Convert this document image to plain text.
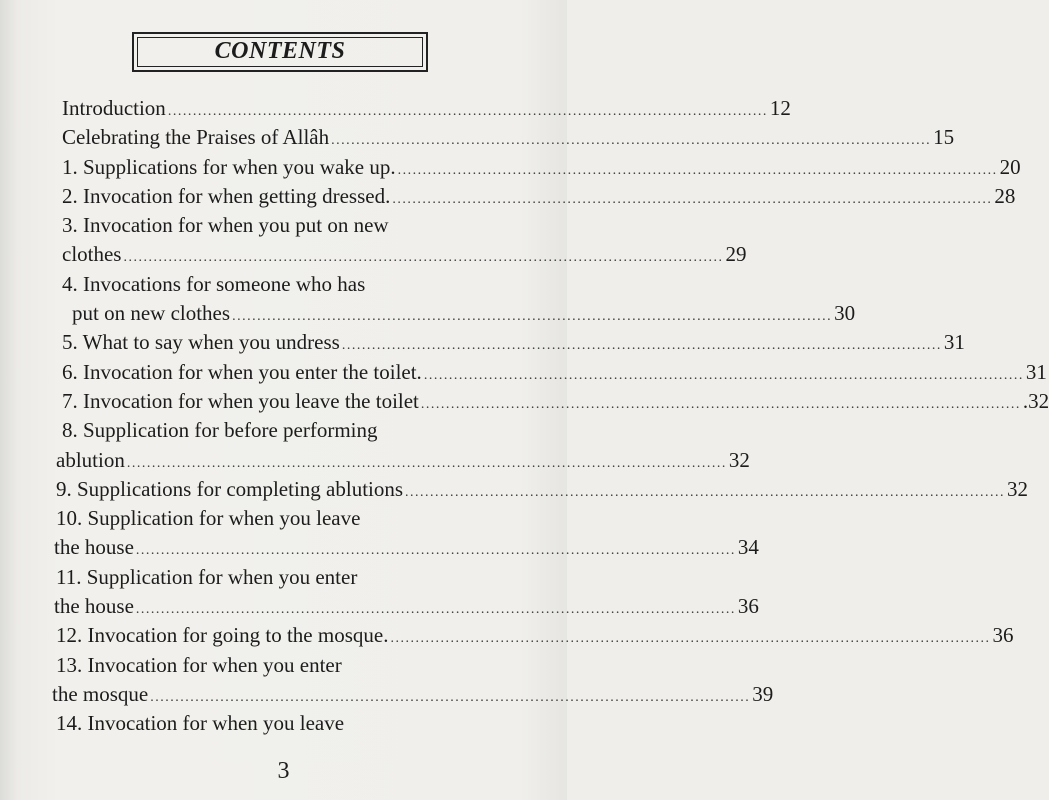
CONTENTS
Introduction ........................................................................................................................ 12
Celebrating the Praises of Allâh ........................................................................................................................ 15
1. Supplications for when you wake up. ........................................................................................................................ 20
2. Invocation for when getting dressed. ........................................................................................................................ 28
3. Invocation for when you put on new
clothes ........................................................................................................................ 29
4. Invocations for someone who has
put on new clothes ........................................................................................................................ 30
5. What to say when you undress ........................................................................................................................ 31
6. Invocation for when you enter the toilet. ........................................................................................................................ 31
7. Invocation for when you leave the toilet ........................................................................................................................ .32
8. Supplication for before performing
ablution ........................................................................................................................ 32
9. Supplications for completing ablutions ........................................................................................................................ 32
10. Supplication for when you leave
the house ........................................................................................................................ 34
11. Supplication for when you enter
the house ........................................................................................................................ 36
12. Invocation for going to the mosque. ........................................................................................................................ 36
13. Invocation for when you enter
the mosque ........................................................................................................................ 39
14. Invocation for when you leave
3
